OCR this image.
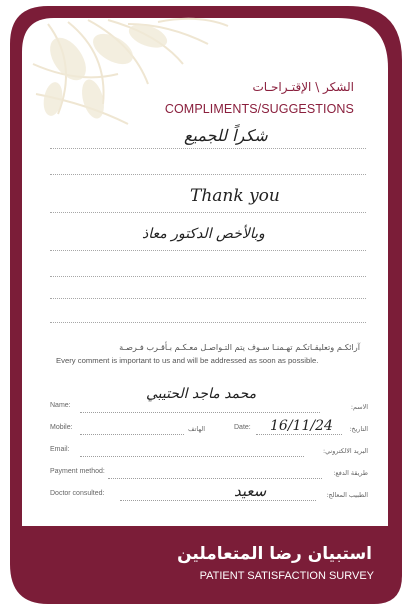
الشكر \ الإقتـراحـات
COMPLIMENTS/SUGGESTIONS
شكراً للجميع
Thank you
وبالأخص الدكتور معاذ
آرائكـم وتعليقـاتكـم تهـمنـا سـوف يتم التـواصـل معـكـم بـأقـرب فـرصـة
Every comment is important to us and will be addressed as soon as possible.
Name:
محمد ماجد الحتيبي
الاسم:
Mobile:	الهاتف	Date: 16/11/24	التاريخ:
Email:	البريد الالكتروني:
Payment method:	طريقة الدفع:
Doctor consulted:	سعيد	الطبيب المعالج:
استبيان رضا المتعاملين
PATIENT SATISFACTION SURVEY
